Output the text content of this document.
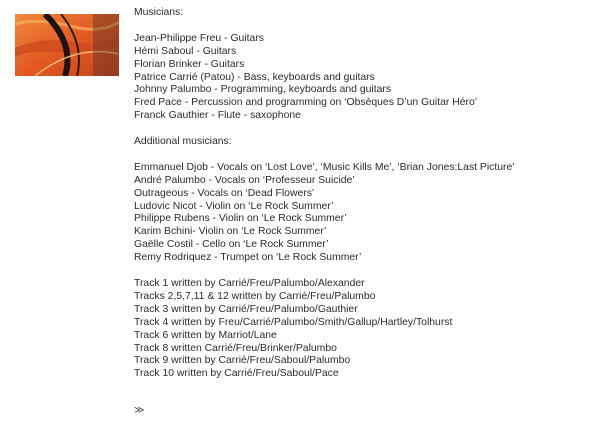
Musicians:
Jean-Philippe Freu - Guitars
Hémi Saboul - Guitars
Florian Brinker - Guitars
Patrice Carrié (Patou) - Bass, keyboards and guitars
Johnny Palumbo - Programming, keyboards and guitars
Fred Pace - Percussion and programming on ‘Obsèques D’un Guitar Héro’
Franck Gauthier - Flute - saxophone
Additional musicians:
Emmanuel Djob - Vocals on ‘Lost Love’, ‘Music Kills Me’, ‘Brian Jones:Last Picture’
André Palumbo - Vocals on ‘Professeur Suicide’
Outrageous - Vocals on ‘Dead Flowers’
Ludovic Nicot - Violin on ‘Le Rock Summer’
Philippe Rubens - Violin on ‘Le Rock Summer’
Karim Bchini- Violin on ‘Le Rock Summer’
Gaëlle Costil - Cello on ‘Le Rock Summer’
Remy Rodriquez - Trumpet on ‘Le Rock Summer’
Track 1 written by Carrié/Freu/Palumbo/Alexander
Tracks 2,5,7,11 & 12 written by Carrié/Freu/Palumbo
Track 3 written by Carrié/Freu/Palumbo/Gauthier
Track 4 written by Freu/Carrié/Palumbo/Smith/Gallup/Hartley/Tolhurst
Track 6 written by Marriot/Lane
Track 8 written Carrié/Freu/Brinker/Palumbo
Track 9 written by Carrié/Freu/Saboul/Palumbo
Track 10 written by Carrié/Freu/Saboul/Pace
≫
